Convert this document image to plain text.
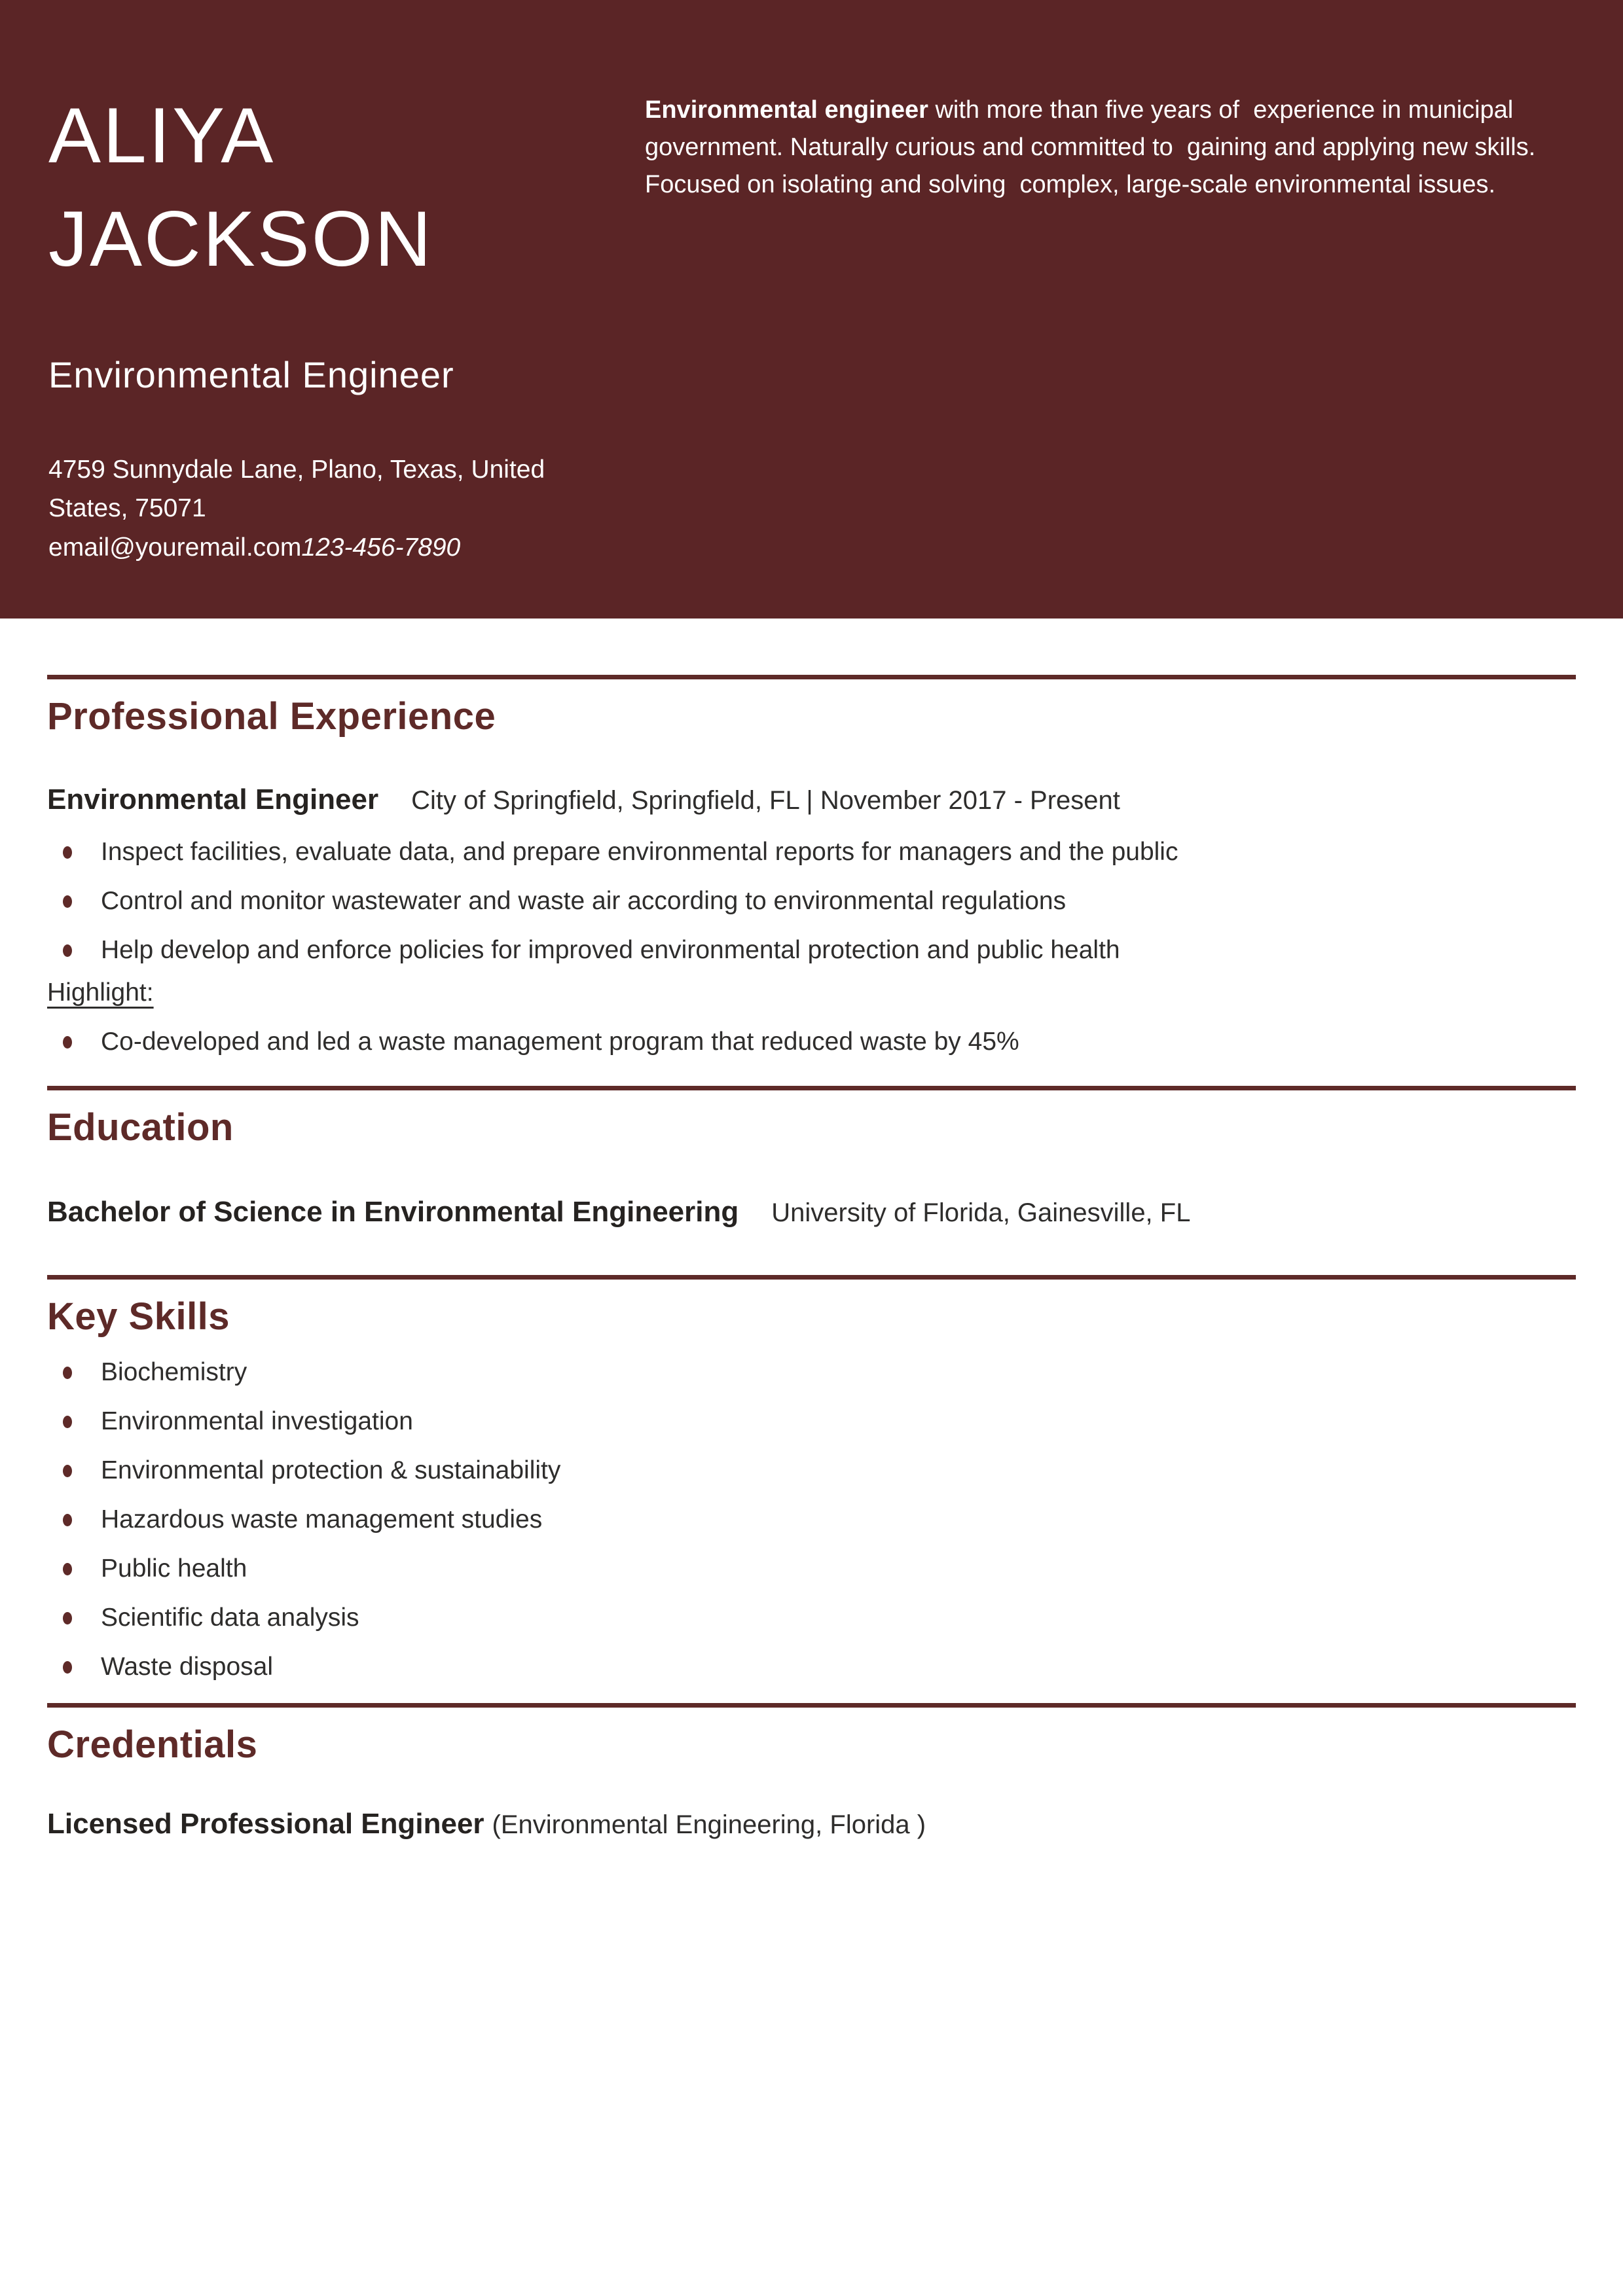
ALIYA
JACKSON
Environmental Engineer
4759 Sunnydale Lane, Plano, Texas, United
States, 75071
email@youremail.com123-456-7890

Environmental engineer with more than five years of  experience in municipal government. Naturally curious and committed to  gaining and applying new skills. Focused on isolating and solving  complex, large-scale environmental issues.

Professional Experience

Environmental Engineer City of Springfield, Springfield, FL | November 2017 - Present

Inspect facilities, evaluate data, and prepare environmental reports for managers and the public
Control and monitor wastewater and waste air according to environmental regulations
Help develop and enforce policies for improved environmental protection and public health

Highlight:

Co-developed and led a waste management program that reduced waste by 45%
Education

Bachelor of Science in Environmental Engineering University of Florida, Gainesville, FL

Key Skills
Biochemistry
Environmental investigation
Environmental protection & sustainability
Hazardous waste management studies
Public health
Scientific data analysis
Waste disposal
Credentials

Licensed Professional Engineer (Environmental Engineering, Florida )
